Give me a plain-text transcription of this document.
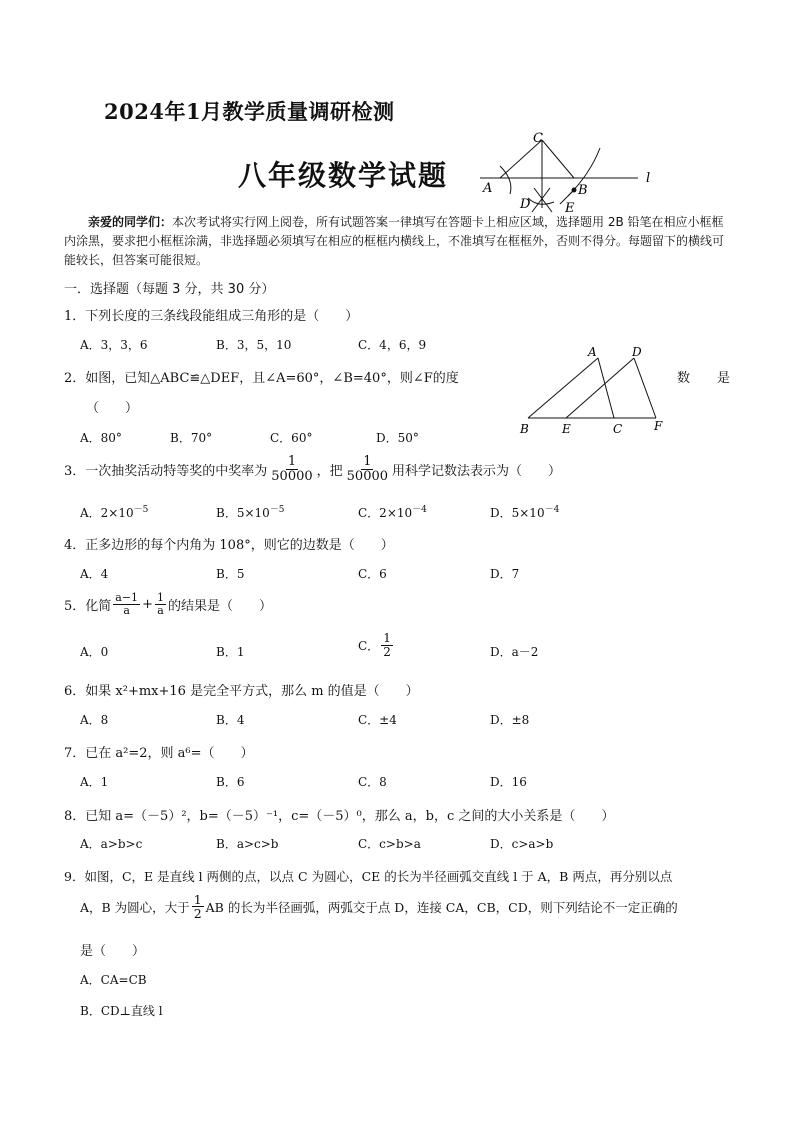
2024年1月教学质量调研检测
八年级数学试题
C
A	B
D	E
l
亲爱的同学们：本次考试将实行网上阅卷，所有试题答案一律填写在答题卡上相应区域，选择题用 2B 铅笔在相应小框框内涂黑，要求把小框框涂满，非选择题必须填写在相应的框框内横线上，不准填写在框框外，否则不得分。每题留下的横线可能较长，但答案可能很短。
一．选择题（每题 3 分，共 30 分）
1．下列长度的三条线段能组成三角形的是（　　）
A．3，3，6	B．3，5，10	C．4，6，9
2．如图，已知△ABC≌△DEF，且∠A=60°，∠B=40°，则∠F的度	数 是
（　　）
A．80°	B．70°	C．60°	D．50°
A	D
B	E	C	F
3．一次抽奖活动特等奖的中奖率为 $\frac{1}{50000}$ ，把 $\frac{1}{50000}$ 用科学记数法表示为（　　）
A．$2\times 10^{-5}$	B．$5\times 10^{-5}$	C．$2\times 10^{-4}$	D．$5\times 10^{-4}$
4．正多边形的每个内角为 108°，则它的边数是（　　）
A．4	B．5	C．6	D．7
5．化简 $\frac{a-1}{a} + \frac{1}{a}$ 的结果是（　　）
A．0	B．1	C． $\frac{1}{2}$	D．a－2
6．如果 x²+mx+16 是完全平方式，那么 m 的值是（　　）
A．8	B．4	C．±4	D．±8
7．已在 a²=2，则 a⁶=（　　）
A．1	B．6	C．8	D．16
8．已知 a=（－5）²，b=（－5）⁻¹，c=（－5）⁰，那么 a，b，c 之间的大小关系是（　　）
A．a>b>c	B．a>c>b	C．c>b>a	D．c>a>b
9．如图，C，E 是直线 l 两侧的点，以点 C 为圆心，CE 的长为半径画弧交直线 l 于 A，B 两点，再分别以点
A，B 为圆心，大于 $\frac{1}{2}$ AB 的长为半径画弧，两弧交于点 D，连接 CA，CB，CD，则下列结论不一定正确的
是（　　）
A．CA=CB
B．CD⊥直线 l
